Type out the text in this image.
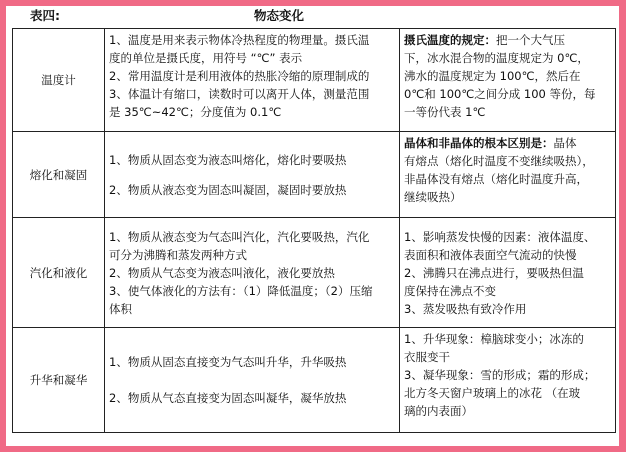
表四:	物态变化
温度计	1、温度是用来表示物体冷热程度的物理量。摄氏温
度的单位是摄氏度，用符号 “℃” 表示
2、常用温度计是利用液体的热胀冷缩的原理制成的
3、体温计有缩口，读数时可以离开人体，测量范围
是 35℃~42℃；分度值为 0.1℃	摄氏温度的规定：把一个大气压
下，冰水混合物的温度规定为 0℃，
沸水的温度规定为 100℃，然后在
0℃和 100℃之间分成 100 等份，每
一等份代表 1℃

熔化和凝固	1、物质从固态变为液态叫熔化，熔化时要吸热
2、物质从液态变为固态叫凝固，凝固时要放热	晶体和非晶体的根本区别是：晶体
有熔点（熔化时温度不变继续吸热），
非晶体没有熔点（熔化时温度升高，
继续吸热）

汽化和液化	1、物质从液态变为气态叫汽化，汽化要吸热，汽化
可分为沸腾和蒸发两种方式
2、物质从气态变为液态叫液化，液化要放热
3、使气体液化的方法有：（1）降低温度；（2）压缩
体积	1、影响蒸发快慢的因素：液体温度、
表面积和液体表面空气流动的快慢
2、沸腾只在沸点进行，要吸热但温
度保持在沸点不变
3、蒸发吸热有致冷作用

升华和凝华	1、物质从固态直接变为气态叫升华，升华吸热
2、物质从气态直接变为固态叫凝华，凝华放热	1、升华现象：樟脑球变小；冰冻的
衣服变干
3、凝华现象：雪的形成；霜的形成；
北方冬天窗户玻璃上的冰花 （在玻
璃的内表面）
